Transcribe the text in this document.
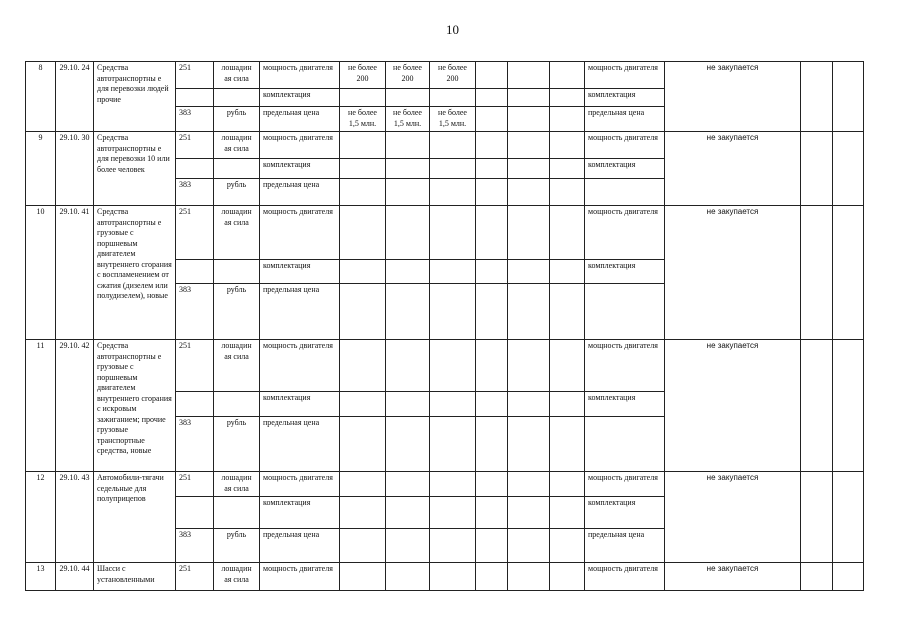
10
8	29.10. 24	Средства автотранспортны е для перевозки людей прочие	251	лошадин ая сила	мощность двигателя	не более 200	не более 200	не более 200				мощность двигателя	не закупается		
					комплектация							комплектация			
			383	рубль	предельная цена	не более 1,5 млн.	не более 1,5 млн.	не более 1,5 млн.				предельная цена			
9	29.10. 30	Средства автотранспортны е для перевозки 10 или более человек	251	лошадин ая сила	мощность двигателя							мощность двигателя	не закупается		
					комплектация							комплектация			
			383	рубль	предельная цена										
10	29.10. 41	Средства автотранспортны е грузовые с поршневым двигателем внутреннего сгорания с воспламенением от сжатия (дизелем или полудизелем), новые	251	лошадин ая сила	мощность двигателя							мощность двигателя	не закупается		
					комплектация							комплектация			
			383	рубль	предельная цена										
11	29.10. 42	Средства автотранспортны е грузовые с поршневым двигателем внутреннего сгорания с искровым зажиганием; прочие грузовые транспортные средства, новые	251	лошадин ая сила	мощность двигателя							мощность двигателя	не закупается		
					комплектация							комплектация			
			383	рубль	предельная цена										
12	29.10. 43	Автомобили-тягачи седельные для полуприцепов	251	лошадин ая сила	мощность двигателя							мощность двигателя	не закупается		
					комплектация							комплектация			
			383	рубль	предельная цена							предельная цена			
13	29.10. 44	Шасси с установленными	251	лошадин ая сила	мощность двигателя							мощность двигателя	не закупается		
